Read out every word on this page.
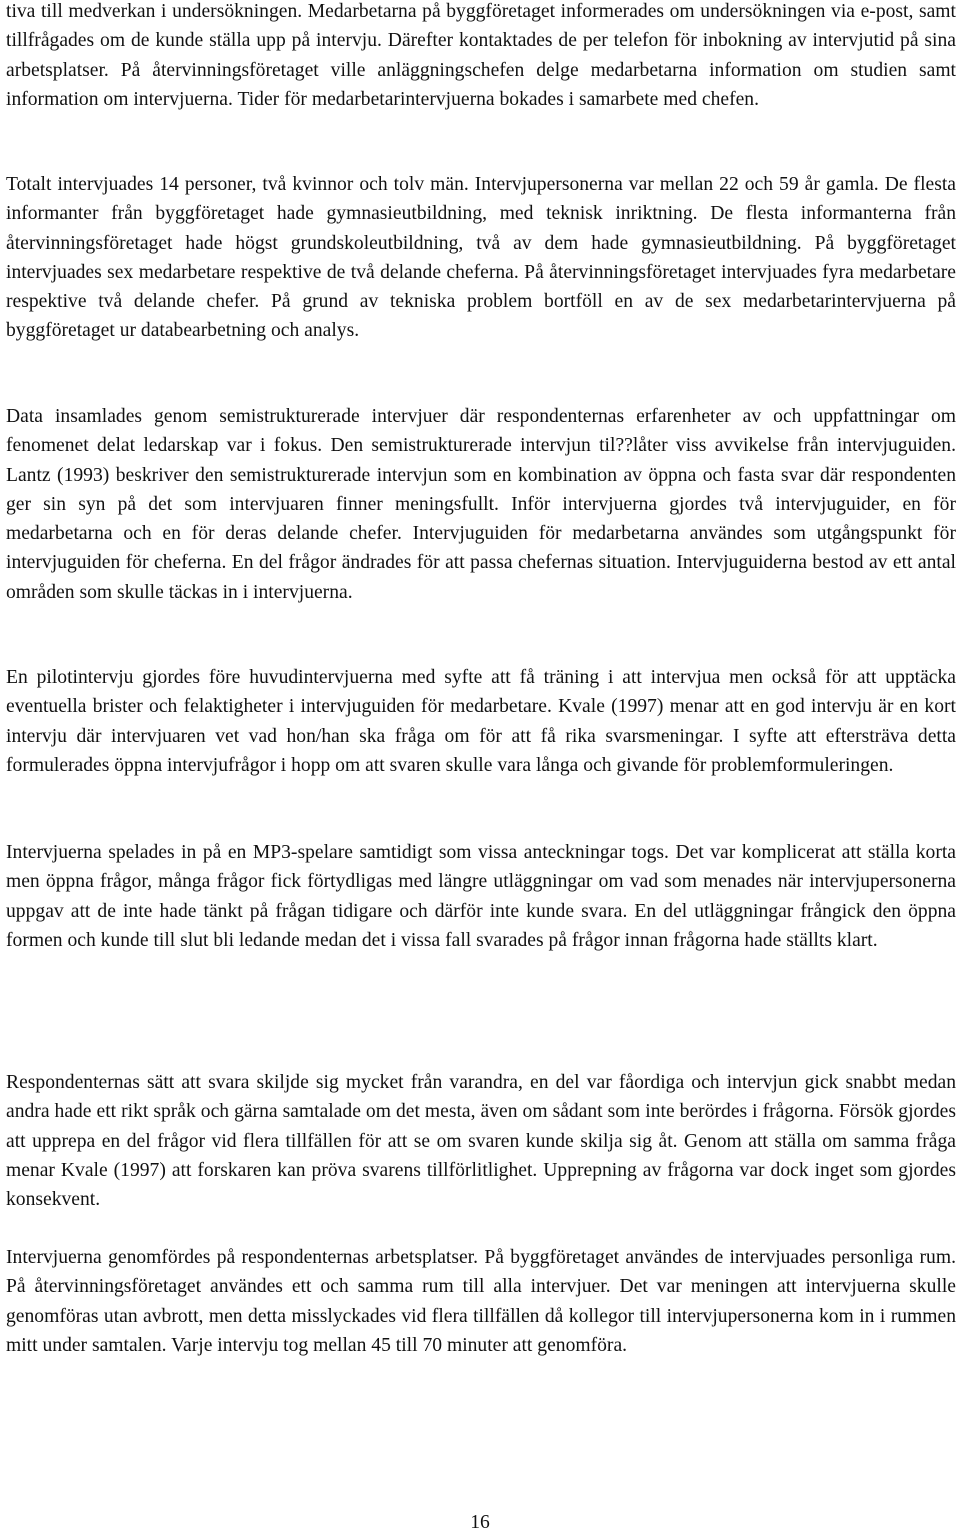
tiva till medverkan i undersökningen. Medarbetarna på byggföretaget informerades om undersökningen via e-post, samt tillfrågades om de kunde ställa upp på intervju. Därefter kontaktades de per telefon för inbokning av intervjutid på sina arbetsplatser. På återvinningsföretaget ville anläggningschefen delge medarbetarna information om studien samt information om intervjuerna. Tider för medarbetarintervjuerna bokades i samarbete med chefen.

Totalt intervjuades 14 personer, två kvinnor och tolv män. Intervjupersonerna var mellan 22 och 59 år gamla. De flesta informanter från byggföretaget hade gymnasieutbildning, med teknisk inriktning. De flesta informanterna från återvinningsföretaget hade högst grundskoleutbildning, två av dem hade gymnasieutbildning. På byggföretaget intervjuades sex medarbetare respektive de två delande cheferna. På återvinningsföretaget intervjuades fyra medarbetare respektive två delande chefer. På grund av tekniska problem bortföll en av de sex medarbetarintervjuerna på byggföretaget ur databearbetning och analys.

Data insamlades genom semistrukturerade intervjuer där respondenternas erfarenheter av och uppfattningar om fenomenet delat ledarskap var i fokus. Den semistrukturerade intervjun til??låter viss avvikelse från intervjuguiden. Lantz (1993) beskriver den semistrukturerade intervjun som en kombination av öppna och fasta svar där respondenten ger sin syn på det som intervjuaren finner meningsfullt. Inför intervjuerna gjordes två intervjuguider, en för medarbetarna och en för deras delande chefer. Intervjuguiden för medarbetarna användes som utgångspunkt för intervjuguiden för cheferna. En del frågor ändrades för att passa chefernas situation. Intervjuguiderna bestod av ett antal områden som skulle täckas in i intervjuerna.

En pilotintervju gjordes före huvudintervjuerna med syfte att få träning i att intervjua men också för att upptäcka eventuella brister och felaktigheter i intervjuguiden för medarbetare. Kvale (1997) menar att en god intervju är en kort intervju där intervjuaren vet vad hon/han ska fråga om för att få rika svarsmeningar. I syfte att eftersträva detta formulerades öppna intervjufrågor i hopp om att svaren skulle vara långa och givande för problemformuleringen.

Intervjuerna spelades in på en MP3-spelare samtidigt som vissa anteckningar togs. Det var komplicerat att ställa korta men öppna frågor, många frågor fick förtydligas med längre utläggningar om vad som menades när intervjupersonerna uppgav att de inte hade tänkt på frågan tidigare och därför inte kunde svara. En del utläggningar frångick den öppna formen och kunde till slut bli ledande medan det i vissa fall svarades på frågor innan frågorna hade ställts klart.

Respondenternas sätt att svara skiljde sig mycket från varandra, en del var fåordiga och intervjun gick snabbt medan andra hade ett rikt språk och gärna samtalade om det mesta, även om sådant som inte berördes i frågorna. Försök gjordes att upprepa en del frågor vid flera tillfällen för att se om svaren kunde skilja sig åt. Genom att ställa om samma fråga menar Kvale (1997) att forskaren kan pröva svarens tillförlitlighet. Upprepning av frågorna var dock inget som gjordes konsekvent.

Intervjuerna genomfördes på respondenternas arbetsplatser. På byggföretaget användes de intervjuades personliga rum. På återvinningsföretaget användes ett och samma rum till alla intervjuer. Det var meningen att intervjuerna skulle genomföras utan avbrott, men detta misslyckades vid flera tillfällen då kollegor till intervjupersonerna kom in i rummen mitt under samtalen. Varje intervju tog mellan 45 till 70 minuter att genomföra.

16
